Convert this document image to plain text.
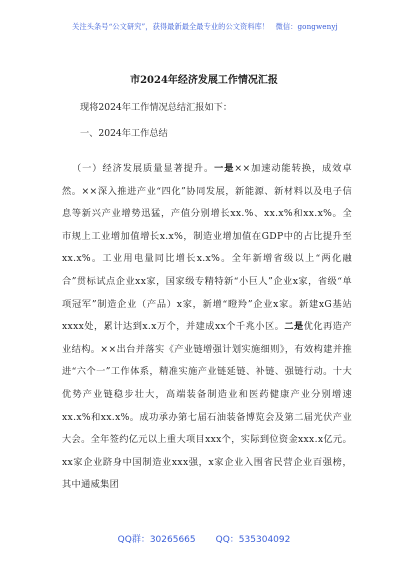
关注头条号“公文研究”，获得最新最全最专业的公文资料库！ 微信：gongwenyj
市2024年经济发展工作情况汇报
现将2024年工作情况总结汇报如下：
一、2024年工作总结
（一）经济发展质量显著提升。一是××加速动能转换，成效卓然。××深入推进产业“四化”协同发展，新能源、新材料以及电子信息等新兴产业增势迅猛，产值分别增长xx.%、xx.x%和xx.x%。全市规上工业增加值增长x.x%，制造业增加值在GDP中的占比提升至xx.x%。工业用电量同比增长x.x%。全年新增省级以上“两化融合”贯标试点企业xx家，国家级专精特新“小巨人”企业x家，省级“单项冠军”制造企业（产品）x家，新增“瞪羚”企业x家。新建xG基站xxxx处，累计达到x.x万个，并建成xx个千兆小区。二是优化再造产业结构。××出台并落实《产业链增强计划实施细则》，有效构建并推进“六个一”工作体系，精准实施产业链延链、补链、强链行动。十大优势产业链稳步壮大，高端装备制造业和医药健康产业分别增速xx.x%和xx.x%。成功承办第七届石油装备博览会及第二届光伏产业大会。全年签约亿元以上重大项目xxx个，实际到位资金xxx.x亿元。xx家企业跻身中国制造业xxx强，x家企业入围省民营企业百强榜，其中通威集团
QQ群：30265665 QQ：535304092
